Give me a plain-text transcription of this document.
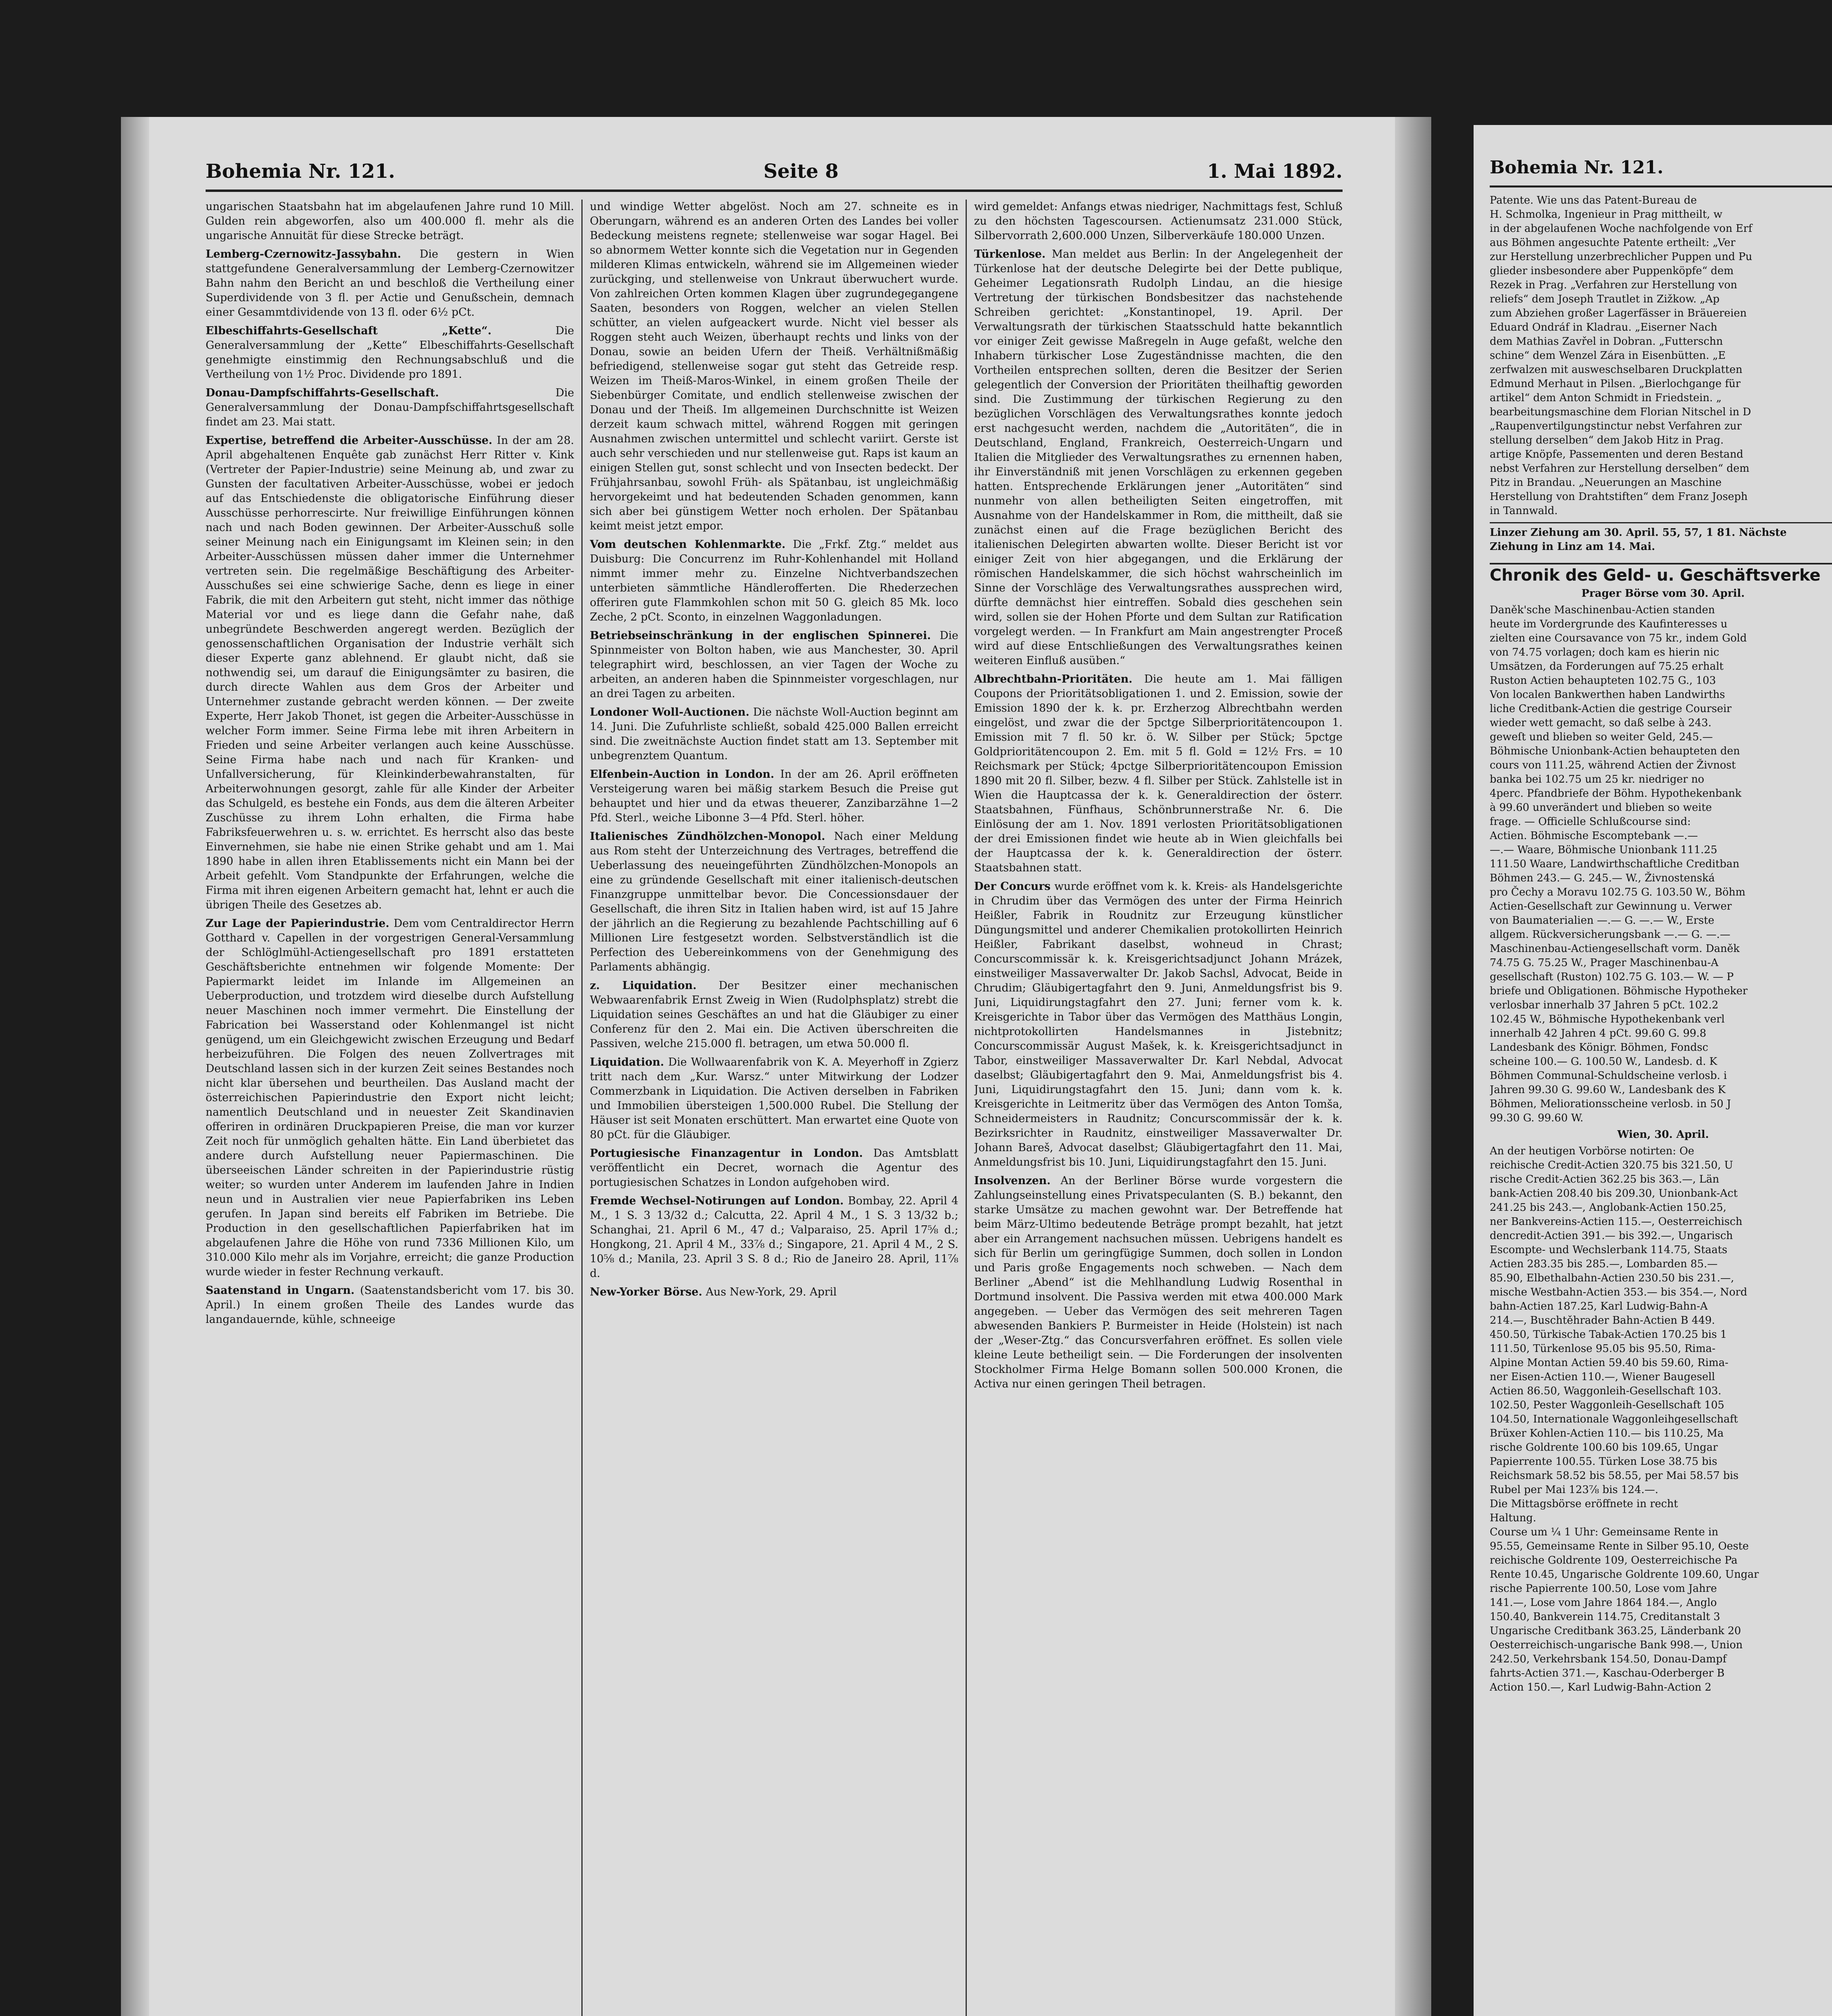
Bohemia Nr. 121.	Seite 8	1. Mai 1892.
ungarischen Staatsbahn hat im abgelaufenen Jahre rund 10 Mill. Gulden rein abgeworfen, also um 400.000 fl. mehr als die ungarische Annuität für diese Strecke beträgt.
Lemberg-Czernowitz-Jassybahn. Die gestern in Wien stattgefundene Generalversammlung der Lemberg-Czernowitzer Bahn nahm den Bericht an und beschloß die Vertheilung einer Superdividende von 3 fl. per Actie und Genußschein, demnach einer Gesammtdividende von 13 fl. oder 6½ pCt.
Elbeschiffahrts-Gesellschaft „Kette“.	Die Generalversammlung der „Kette“ Elbeschiffahrts-Gesellschaft genehmigte einstimmig den Rechnungsabschluß und die Vertheilung von 1½ Proc. Dividende pro 1891.
Donau-Dampfschiffahrts-Gesellschaft.	Die Generalversammlung der Donau-Dampfschiffahrtsgesellschaft findet am 23. Mai statt.
Expertise, betreffend die Arbeiter-Ausschüsse. In der am 28. April abgehaltenen Enquête gab zunächst Herr Ritter v. Kink (Vertreter der Papier-Industrie) seine Meinung ab, und zwar zu Gunsten der facultativen Arbeiter-Ausschüsse, wobei er jedoch auf das Entschiedenste die obligatorische Einführung dieser Ausschüsse perhorrescirte. Nur freiwillige Einführungen können nach und nach Boden gewinnen. Der Arbeiter-Ausschuß solle seiner Meinung nach ein Einigungsamt im Kleinen sein; in den Arbeiter-Ausschüssen müssen daher immer die Unternehmer vertreten sein. Die regelmäßige Beschäftigung des Arbeiter-Ausschußes sei eine schwierige Sache, denn es liege in einer Fabrik, die mit den Arbeitern gut steht, nicht immer das nöthige Material vor und es liege dann die Gefahr nahe, daß unbegründete Beschwerden angeregt werden. Bezüglich der genossenschaftlichen Organisation der Industrie verhält sich dieser Experte ganz ablehnend. Er glaubt nicht, daß sie nothwendig sei, um darauf die Einigungsämter zu basiren, die durch directe Wahlen aus dem Gros der Arbeiter und Unternehmer zustande gebracht werden können. — Der zweite Experte, Herr Jakob Thonet, ist gegen die Arbeiter-Ausschüsse in welcher Form immer. Seine Firma lebe mit ihren Arbeitern in Frieden und seine Arbeiter verlangen auch keine Ausschüsse. Seine Firma habe nach und nach für Kranken- und Unfallversicherung, für Kleinkinderbewahranstalten, für Arbeiterwohnungen gesorgt, zahle für alle Kinder der Arbeiter das Schulgeld, es bestehe ein Fonds, aus dem die älteren Arbeiter Zuschüsse zu ihrem Lohn erhalten, die Firma habe Fabriksfeuerwehren u. s. w. errichtet. Es herrscht also das beste Einvernehmen, sie habe nie einen Strike gehabt und am 1. Mai 1890 habe in allen ihren Etablissements nicht ein Mann bei der Arbeit gefehlt. Vom Standpunkte der Erfahrungen, welche die Firma mit ihren eigenen Arbeitern gemacht hat, lehnt er auch die übrigen Theile des Gesetzes ab.
Zur Lage der Papierindustrie. Dem vom Centraldirector Herrn Gotthard v. Capellen in der vorgestrigen General-Versammlung der Schlöglmühl-Actiengesellschaft pro 1891 erstatteten Geschäftsberichte entnehmen wir folgende Momente: Der Papiermarkt leidet im Inlande im Allgemeinen an Ueberproduction, und trotzdem wird dieselbe durch Aufstellung neuer Maschinen noch immer vermehrt. Die Einstellung der Fabrication bei Wasserstand oder Kohlenmangel ist nicht genügend, um ein Gleichgewicht zwischen Erzeugung und Bedarf herbeizuführen. Die Folgen des neuen Zollvertrages mit Deutschland lassen sich in der kurzen Zeit seines Bestandes noch nicht klar übersehen und beurtheilen. Das Ausland macht der österreichischen Papierindustrie den Export nicht leicht; namentlich Deutschland und in neuester Zeit Skandinavien offeriren in ordinären Druckpapieren Preise, die man vor kurzer Zeit noch für unmöglich gehalten hätte. Ein Land überbietet das andere durch Aufstellung neuer Papiermaschinen. Die überseeischen Länder schreiten in der Papierindustrie rüstig weiter; so wurden unter Anderem im laufenden Jahre in Indien neun und in Australien vier neue Papierfabriken ins Leben gerufen. In Japan sind bereits elf Fabriken im Betriebe. Die Production in den gesellschaftlichen Papierfabriken hat im abgelaufenen Jahre die Höhe von rund 7336 Millionen Kilo, um 310.000 Kilo mehr als im Vorjahre, erreicht; die ganze Production wurde wieder in fester Rechnung verkauft.
Saatenstand in Ungarn. (Saatenstandsbericht vom 17. bis 30. April.) In einem großen Theile des Landes wurde das langandauernde, kühle, schneeige
und windige Wetter abgelöst. Noch am 27. schneite es in Oberungarn, während es an anderen Orten des Landes bei voller Bedeckung meistens regnete; stellenweise war sogar Hagel. Bei so abnormem Wetter konnte sich die Vegetation nur in Gegenden milderen Klimas entwickeln, während sie im Allgemeinen wieder zurückging, und stellenweise von Unkraut überwuchert wurde. Von zahlreichen Orten kommen Klagen über zugrundegegangene Saaten, besonders von Roggen, welcher an vielen Stellen schütter, an vielen aufgeackert wurde. Nicht viel besser als Roggen steht auch Weizen, überhaupt rechts und links von der Donau, sowie an beiden Ufern der Theiß. Verhältnißmäßig befriedigend, stellenweise sogar gut steht das Getreide resp. Weizen im Theiß-Maros-Winkel, in einem großen Theile der Siebenbürger Comitate, und endlich stellenweise zwischen der Donau und der Theiß. Im allgemeinen Durchschnitte ist Weizen derzeit kaum schwach mittel, während Roggen mit geringen Ausnahmen zwischen untermittel und schlecht variirt. Gerste ist auch sehr verschieden und nur stellenweise gut. Raps ist kaum an einigen Stellen gut, sonst schlecht und von Insecten bedeckt. Der Frühjahrsanbau, sowohl Früh- als Spätanbau, ist ungleichmäßig hervorgekeimt und hat bedeutenden Schaden genommen, kann sich aber bei günstigem Wetter noch erholen. Der Spätanbau keimt meist jetzt empor.
Vom deutschen Kohlenmarkte. Die „Frkf. Ztg.“ meldet aus Duisburg: Die Concurrenz im Ruhr-Kohlenhandel mit Holland nimmt immer mehr zu. Einzelne Nichtverbandszechen unterbieten sämmtliche Händlerofferten. Die Rhederzechen offeriren gute Flammkohlen schon mit 50 G. gleich 85 Mk. loco Zeche, 2 pCt. Sconto, in einzelnen Waggonladungen.
Betriebseinschränkung in der englischen Spinnerei. Die Spinnmeister von Bolton haben, wie aus Manchester, 30. April telegraphirt wird, beschlossen, an vier Tagen der Woche zu arbeiten, an anderen haben die Spinnmeister vorgeschlagen, nur an drei Tagen zu arbeiten.
Londoner Woll-Auctionen. Die nächste Woll-Auction beginnt am 14. Juni. Die Zufuhrliste schließt, sobald 425.000 Ballen erreicht sind. Die zweitnächste Auction findet statt am 13. September mit unbegrenztem Quantum.
Elfenbein-Auction in London. In der am 26. April eröffneten Versteigerung waren bei mäßig starkem Besuch die Preise gut behauptet und hier und da etwas theuerer, Zanzibarzähne 1—2 Pfd. Sterl., weiche Libonne 3—4 Pfd. Sterl. höher.
Italienisches Zündhölzchen-Monopol. Nach einer Meldung aus Rom steht der Unterzeichnung des Vertrages, betreffend die Ueberlassung des neueingeführten Zündhölzchen-Monopols an eine zu gründende Gesellschaft mit einer italienisch-deutschen Finanzgruppe unmittelbar bevor. Die Concessionsdauer der Gesellschaft, die ihren Sitz in Italien haben wird, ist auf 15 Jahre der jährlich an die Regierung zu bezahlende Pachtschilling auf 6 Millionen Lire festgesetzt worden. Selbstverständlich ist die Perfection des Uebereinkommens von der Genehmigung des Parlaments abhängig.
z. Liquidation. Der Besitzer einer mechanischen Webwaarenfabrik Ernst Zweig in Wien (Rudolphsplatz) strebt die Liquidation seines Geschäftes an und hat die Gläubiger zu einer Conferenz für den 2. Mai ein. Die Activen überschreiten die Passiven, welche 215.000 fl. betragen, um etwa 50.000 fl.
Liquidation. Die Wollwaarenfabrik von K. A. Meyerhoff in Zgierz tritt nach dem „Kur. Warsz.“ unter Mitwirkung der Lodzer Commerzbank in Liquidation. Die Activen derselben in Fabriken und Immobilien übersteigen 1,500.000 Rubel. Die Stellung der Häuser ist seit Monaten erschüttert. Man erwartet eine Quote von 80 pCt. für die Gläubiger.
Portugiesische Finanzagentur in London. Das Amtsblatt veröffentlicht ein Decret, wornach die Agentur des portugiesischen Schatzes in London aufgehoben wird.
Fremde Wechsel-Notirungen auf London. Bombay, 22. April 4 M., 1 S. 3 13/32 d.; Calcutta, 22. April 4 M., 1 S. 3 13/32 b.; Schanghai, 21. April 6 M., 47 d.; Valparaiso, 25. April 17⅝ d.; Hongkong, 21. April 4 M., 33⅞ d.; Singapore, 21. April 4 M., 2 S. 10⅝ d.; Manila, 23. April 3 S. 8 d.; Rio de Janeiro 28. April, 11⅞ d.
New-Yorker Börse. Aus New-York, 29. April
wird gemeldet: Anfangs etwas niedriger, Nachmittags fest, Schluß zu den höchsten Tagescoursen. Actienumsatz 231.000 Stück, Silbervorrath 2,600.000 Unzen, Silberverkäufe 180.000 Unzen.
Türkenlose. Man meldet aus Berlin: In der Angelegenheit der Türkenlose hat der deutsche Delegirte bei der Dette publique, Geheimer Legationsrath Rudolph Lindau, an die hiesige Vertretung der türkischen Bondsbesitzer das nachstehende Schreiben gerichtet: „Konstantinopel, 19. April. Der Verwaltungsrath der türkischen Staatsschuld hatte bekanntlich vor einiger Zeit gewisse Maßregeln in Auge gefaßt, welche den Inhabern türkischer Lose Zugeständnisse machten, die den Vortheilen entsprechen sollten, deren die Besitzer der Serien gelegentlich der Conversion der Prioritäten theilhaftig geworden sind. Die Zustimmung der türkischen Regierung zu den bezüglichen Vorschlägen des Verwaltungsrathes konnte jedoch erst nachgesucht werden, nachdem die „Autoritäten“, die in Deutschland, England, Frankreich, Oesterreich-Ungarn und Italien die Mitglieder des Verwaltungsrathes zu ernennen haben, ihr Einverständniß mit jenen Vorschlägen zu erkennen gegeben hatten. Entsprechende Erklärungen jener „Autoritäten“ sind nunmehr von allen betheiligten Seiten eingetroffen, mit Ausnahme von der Handelskammer in Rom, die mittheilt, daß sie zunächst einen auf die Frage bezüglichen Bericht des italienischen Delegirten abwarten wollte. Dieser Bericht ist vor einiger Zeit von hier abgegangen, und die Erklärung der römischen Handelskammer, die sich höchst wahrscheinlich im Sinne der Vorschläge des Verwaltungsrathes aussprechen wird, dürfte demnächst hier eintreffen. Sobald dies geschehen sein wird, sollen sie der Hohen Pforte und dem Sultan zur Ratification vorgelegt werden. — In Frankfurt am Main angestrengter Proceß wird auf diese Entschließungen des Verwaltungsrathes keinen weiteren Einfluß ausüben.“
Albrechtbahn-Prioritäten. Die heute am 1. Mai fälligen Coupons der Prioritätsobligationen 1. und 2. Emission, sowie der Emission 1890 der k. k. pr. Erzherzog Albrechtbahn werden eingelöst, und zwar die der 5pctge Silberprioritätencoupon 1. Emission mit 7 fl. 50 kr. ö. W. Silber per Stück; 5pctge Goldprioritätencoupon 2. Em. mit 5 fl. Gold = 12½ Frs. = 10 Reichsmark per Stück; 4pctge Silberprioritätencoupon Emission 1890 mit 20 fl. Silber, bezw. 4 fl. Silber per Stück. Zahlstelle ist in Wien die Hauptcassa der k. k. Generaldirection der österr. Staatsbahnen, Fünfhaus, Schönbrunnerstraße Nr. 6. Die Einlösung der am 1. Nov. 1891 verlosten Prioritätsobligationen der drei Emissionen findet wie heute ab in Wien gleichfalls bei der Hauptcassa der k. k. Generaldirection der österr. Staatsbahnen statt.
Der Concurs wurde eröffnet vom k. k. Kreis- als Handelsgerichte in Chrudim über das Vermögen des unter der Firma Heinrich Heißler, Fabrik in Roudnitz zur Erzeugung künstlicher Düngungsmittel und anderer Chemikalien protokollirten Heinrich Heißler, Fabrikant daselbst, wohneud in Chrast; Concurscommissär k. k. Kreisgerichtsadjunct Johann Mrázek, einstweiliger Massaverwalter Dr. Jakob Sachsl, Advocat, Beide in Chrudim; Gläubigertagfahrt den 9. Juni, Anmeldungsfrist bis 9. Juni, Liquidirungstagfahrt den 27. Juni; ferner vom k. k. Kreisgerichte in Tabor über das Vermögen des Matthäus Longin, nichtprotokollirten Handelsmannes in Jistebnitz; Concurscommissär August Mašek, k. k. Kreisgerichtsadjunct in Tabor, einstweiliger Massaverwalter Dr. Karl Nebdal, Advocat daselbst; Gläubigertagfahrt den 9. Mai, Anmeldungsfrist bis 4. Juni, Liquidirungstagfahrt den 15. Juni; dann vom k. k. Kreisgerichte in Leitmeritz über das Vermögen des Anton Tomša, Schneidermeisters in Raudnitz; Concurscommissär der k. k. Bezirksrichter in Raudnitz, einstweiliger Massaverwalter Dr. Johann Bareš, Advocat daselbst; Gläubigertagfahrt den 11. Mai, Anmeldungsfrist bis 10. Juni, Liquidirungstagfahrt den 15. Juni.
Insolvenzen. An der Berliner Börse wurde vorgestern die Zahlungseinstellung eines Privatspeculanten (S. B.) bekannt, den starke Umsätze zu machen gewohnt war. Der Betreffende hat beim März-Ultimo bedeutende Beträge prompt bezahlt, hat jetzt aber ein Arrangement nachsuchen müssen. Uebrigens handelt es sich für Berlin um geringfügige Summen, doch sollen in London und Paris große Engagements noch schweben. — Nach dem Berliner „Abend“ ist die Mehlhandlung Ludwig Rosenthal in Dortmund insolvent. Die Passiva werden mit etwa 400.000 Mark angegeben. — Ueber das Vermögen des seit mehreren Tagen abwesenden Bankiers P. Burmeister in Heide (Holstein) ist nach der „Weser-Ztg.“ das Concursverfahren eröffnet. Es sollen viele kleine Leute betheiligt sein. — Die Forderungen der insolventen Stockholmer Firma Helge Bomann sollen 500.000 Kronen, die Activa nur einen geringen Theil betragen.
Bohemia Nr. 121.
Patente. Wie uns das Patent-Bureau de
H. Schmolka, Ingenieur in Prag mittheilt, w
in der abgelaufenen Woche nachfolgende von Erf
aus Böhmen angesuchte Patente ertheilt: „Ver
zur Herstellung unzerbrechlicher Puppen und Pu
glieder insbesondere aber Puppenköpfe“ dem
Rezek in Prag. „Verfahren zur Herstellung von
reliefs“ dem Joseph Trautlet in Zižkow. „Ap
zum Abziehen großer Lagerfässer in Bräuereien
Eduard Ondráf in Kladrau. „Eiserner Nach
dem Mathias Zavřel in Dobran. „Futterschn
schine“ dem Wenzel Zára in Eisenbütten. „E
zerfwalzen mit ausweschselbaren Druckplatten
Edmund Merhaut in Pilsen. „Bierlochgange für
artikel“ dem Anton Schmidt in Friedstein. „
bearbeitungsmaschine dem Florian Nitschel in D
„Raupenvertilgungstinctur nebst Verfahren zur
stellung derselben“ dem Jakob Hitz in Prag.
artige Knöpfe, Passementen und deren Bestand
nebst Verfahren zur Herstellung derselben“ dem
Pitz in Brandau. „Neuerungen an Maschine
Herstellung von Drahtstiften“ dem Franz Joseph
in Tannwald.
Linzer Ziehung am 30. April. 55, 57, 1 81. Nächste Ziehung in Linz am 14. Mai.
Chronik des Geld- u. Geschäftsverke
Prager Börse vom 30. April.
Daněk'sche Maschinenbau-Actien standen
heute im Vordergrunde des Kaufinteresses u
zielten eine Coursavance von 75 kr., indem Gold
von 74.75 vorlagen; doch kam es hierin nic
Umsätzen, da Forderungen auf 75.25 erhalt
Ruston Actien behaupteten 102.75 G., 103
Von localen Bankwerthen haben Landwirths
liche Creditbank-Actien die gestrige Courseir
wieder wett gemacht, so daß selbe à 243.
geweſt und blieben so weiter Geld, 245.—
Böhmische Unionbank-Actien behaupteten den
cours von 111.25, während Actien der Živnost
banka bei 102.75 um 25 kr. niedriger no
4perc. Pfandbriefe der Böhm. Hypothekenbank
à 99.60 unverändert und blieben so weite
frage. — Officielle Schlußcourse sind:
Actien. Böhmische Escomptebank —.—
—.— Waare, Böhmische Unionbank 111.25
111.50 Waare, Landwirthschaftliche Creditban
Böhmen 243.— G. 245.— W., Živnostenská
pro Čechy a Moravu 102.75 G. 103.50 W., Böhm
Actien-Gesellschaft zur Gewinnung u. Verwer
von Baumaterialien —.— G. —.— W., Erste
allgem. Rückversicherungsbank —.— G. —.—
Maschinenbau-Actiengesellschaft vorm. Daněk
74.75 G. 75.25 W., Prager Maschinenbau-A
gesellschaft (Ruston) 102.75 G. 103.— W. — P
briefe und Obligationen. Böhmische Hypotheker
verlosbar innerhalb 37 Jahren 5 pCt. 102.2
102.45 W., Böhmische Hypothekenbank verl
innerhalb 42 Jahren 4 pCt. 99.60 G. 99.8
Landesbank des Königr. Böhmen, Fondsc
scheine 100.— G. 100.50 W., Landesb. d. K
Böhmen Communal-Schuldscheine verlosb. i
Jahren 99.30 G. 99.60 W., Landesbank des K
Böhmen, Meliorationsscheine verlosb. in 50 J
99.30 G. 99.60 W.
Wien, 30. April.
An der heutigen Vorbörse notirten: Oe
reichische Credit-Actien 320.75 bis 321.50, U
rische Credit-Actien 362.25 bis 363.—, Län
bank-Actien 208.40 bis 209.30, Unionbank-Act
241.25 bis 243.—, Anglobank-Actien 150.25,
ner Bankvereins-Actien 115.—, Oesterreichisch
dencredit-Actien 391.— bis 392.—, Ungarisch
Escompte- und Wechslerbank 114.75, Staats
Actien 283.35 bis 285.—, Lombarden 85.—
85.90, Elbethalbahn-Actien 230.50 bis 231.—,
mische Westbahn-Actien 353.— bis 354.—, Nord
bahn-Actien 187.25, Karl Ludwig-Bahn-A
214.—, Buschtěhrader Bahn-Actien B 449.
450.50, Türkische Tabak-Actien 170.25 bis 1
111.50, Türkenlose 95.05 bis 95.50, Rima-
Alpine Montan Actien 59.40 bis 59.60, Rima-
ner Eisen-Actien 110.—, Wiener Baugesell
Actien 86.50, Waggonleih-Gesellschaft 103.
102.50, Pester Waggonleih-Gesellschaft 105
104.50, Internationale Waggonleihgesellschaft
Brüxer Kohlen-Actien 110.— bis 110.25, Ma
rische Goldrente 100.60 bis 109.65, Ungar
Papierrente 100.55. Türken Lose 38.75 bis
Reichsmark 58.52 bis 58.55, per Mai 58.57 bis
Rubel per Mai 123⅞ bis 124.—.
Die Mittagsbörse eröffnete in recht
Haltung.
Course um ¼ 1 Uhr: Gemeinsame Rente in
95.55, Gemeinsame Rente in Silber 95.10, Oeste
reichische Goldrente 109, Oesterreichische Pa
Rente 10.45, Ungarische Goldrente 109.60, Ungar
rische Papierrente 100.50, Lose vom Jahre
141.—, Lose vom Jahre 1864 184.—, Anglo
150.40, Bankverein 114.75, Creditanstalt 3
Ungarische Creditbank 363.25, Länderbank 20
Oesterreichisch-ungarische Bank 998.—, Union
242.50, Verkehrsbank 154.50, Donau-Dampf
fahrts-Actien 371.—, Kaschau-Oderberger B
Action 150.—, Karl Ludwig-Bahn-Action 2
